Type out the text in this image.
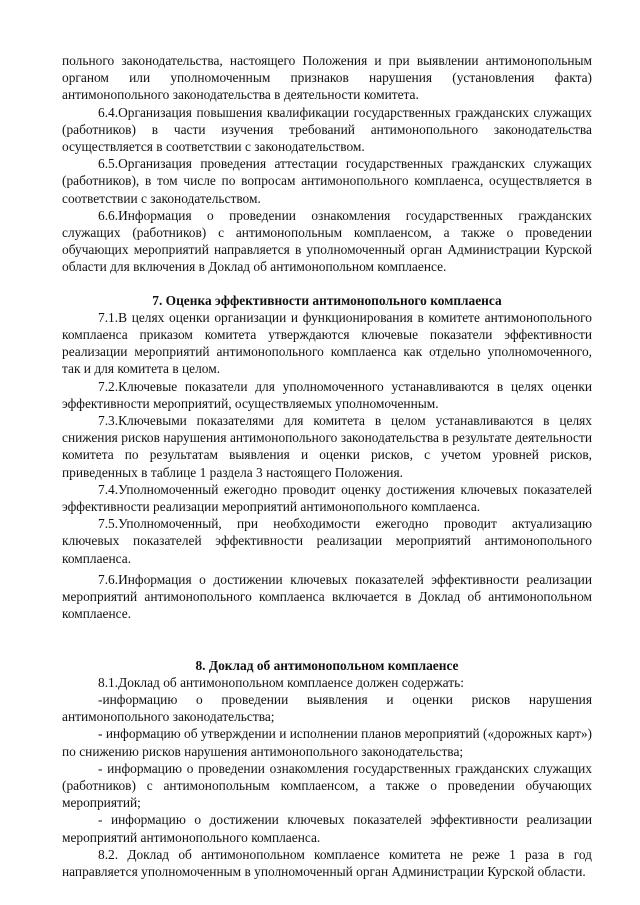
польного законодательства, настоящего Положения и при выявлении антимонопольным органом или уполномоченным признаков нарушения (установления факта) антимонопольного законодательства в деятельности комитета.

6.4.Организация повышения квалификации государственных гражданских служащих (работников) в части изучения требований антимонопольного законодательства осуществляется в соответствии с законодательством.

6.5.Организация проведения аттестации государственных гражданских служащих (работников), в том числе по вопросам антимонопольного комплаенса, осуществляется в соответствии с законодательством.

6.6.Информация о проведении ознакомления государственных гражданских служащих (работников) с антимонопольным комплаенсом, а также о проведении обучающих мероприятий направляется в уполномоченный орган Администрации Курской области для включения в Доклад об антимонопольном комплаенсе.

7. Оценка эффективности антимонопольного комплаенса

7.1.В целях оценки организации и функционирования в комитете антимонопольного комплаенса приказом комитета утверждаются ключевые показатели эффективности реализации мероприятий антимонопольного комплаенса как отдельно уполномоченного, так и для комитета в целом.

7.2.Ключевые показатели для уполномоченного устанавливаются в целях оценки эффективности мероприятий, осуществляемых уполномоченным.

7.3.Ключевыми показателями для комитета в целом устанавливаются в целях снижения рисков нарушения антимонопольного законодательства в результате деятельности комитета по результатам выявления и оценки рисков, с учетом уровней рисков, приведенных в таблице 1 раздела 3 настоящего Положения.

7.4.Уполномоченный ежегодно проводит оценку достижения ключевых показателей эффективности реализации мероприятий антимонопольного комплаенса.

7.5.Уполномоченный, при необходимости ежегодно проводит актуализацию ключевых показателей эффективности реализации мероприятий антимонопольного комплаенса.

7.6.Информация о достижении ключевых показателей эффективности реализации мероприятий антимонопольного комплаенса включается в Доклад об антимонопольном комплаенсе.

8. Доклад об антимонопольном комплаенсе

8.1.Доклад об антимонопольном комплаенсе должен содержать:

-информацию о проведении выявления и оценки рисков нарушения антимонопольного законодательства;

- информацию об утверждении и исполнении планов мероприятий («дорожных карт») по снижению рисков нарушения антимонопольного законодательства;

- информацию о проведении ознакомления государственных гражданских служащих (работников) с антимонопольным комплаенсом, а также о проведении обучающих мероприятий;

- информацию о достижении ключевых показателей эффективности реализации мероприятий антимонопольного комплаенса.

8.2. Доклад об антимонопольном комплаенсе комитета не реже 1 раза в год направляется уполномоченным в уполномоченный орган Администрации Курской области.
